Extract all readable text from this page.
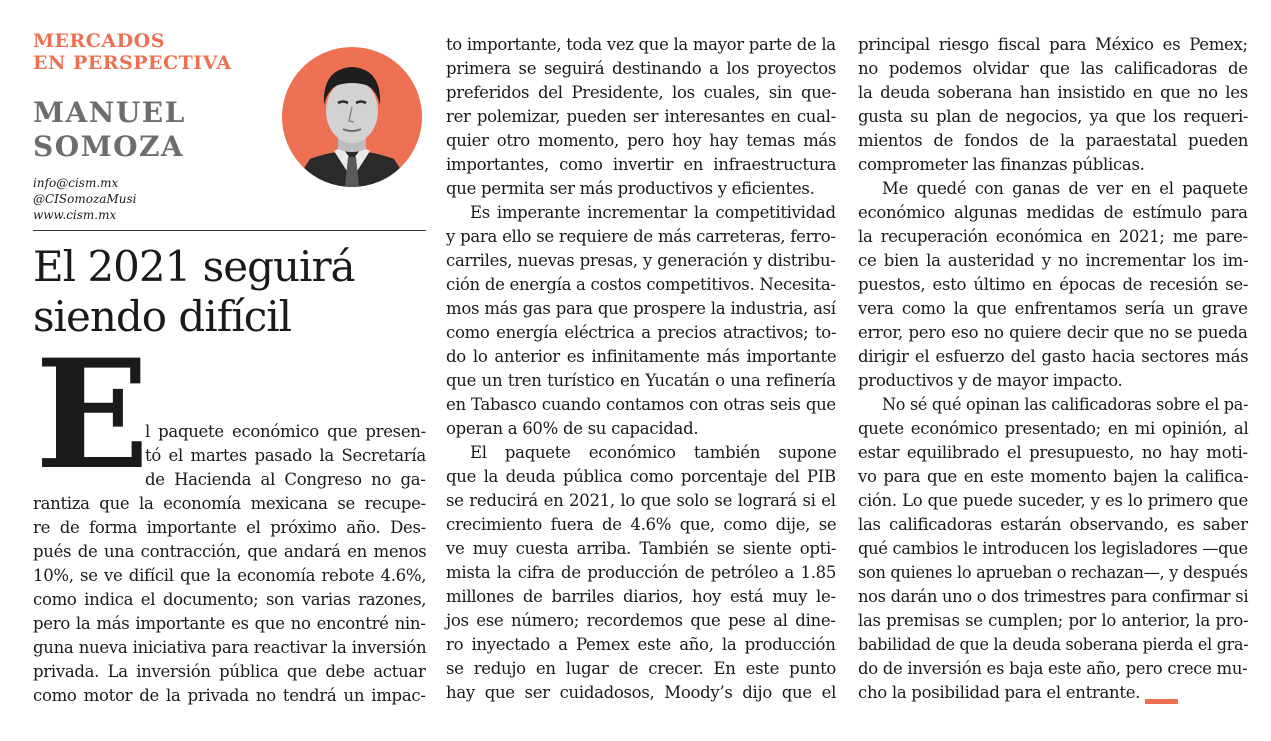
MERCADOS
EN PERSPECTIVA
MANUEL
SOMOZA
info@cism.mx
@CISomozaMusi
www.cism.mx
El 2021 seguirá
siendo difícil
E
l paquete económico que presen-
tó el martes pasado la Secretaría
de Hacienda al Congreso no ga-
rantiza que la economía mexicana se recupe-
re de forma importante el próximo año. Des-
pués de una contracción, que andará en menos
10%, se ve difícil que la economía rebote 4.6%,
como indica el documento; son varias razones,
pero la más importante es que no encontré nin-
guna nueva iniciativa para reactivar la inversión
privada. La inversión pública que debe actuar
como motor de la privada no tendrá un impac-
to importante, toda vez que la mayor parte de la
primera se seguirá destinando a los proyectos
preferidos del Presidente, los cuales, sin que-
rer polemizar, pueden ser interesantes en cual-
quier otro momento, pero hoy hay temas más
importantes, como invertir en infraestructura
que permita ser más productivos y eficientes.
Es imperante incrementar la competitividad
y para ello se requiere de más carreteras, ferro-
carriles, nuevas presas, y generación y distribu-
ción de energía a costos competitivos. Necesita-
mos más gas para que prospere la industria, así
como energía eléctrica a precios atractivos; to-
do lo anterior es infinitamente más importante
que un tren turístico en Yucatán o una refinería
en Tabasco cuando contamos con otras seis que
operan a 60% de su capacidad.
El paquete económico también supone
que la deuda pública como porcentaje del PIB
se reducirá en 2021, lo que solo se logrará si el
crecimiento fuera de 4.6% que, como dije, se
ve muy cuesta arriba. También se siente opti-
mista la cifra de producción de petróleo a 1.85
millones de barriles diarios, hoy está muy le-
jos ese número; recordemos que pese al dine-
ro inyectado a Pemex este año, la producción
se redujo en lugar de crecer. En este punto
hay que ser cuidadosos, Moody’s dijo que el
principal riesgo fiscal para México es Pemex;
no podemos olvidar que las calificadoras de
la deuda soberana han insistido en que no les
gusta su plan de negocios, ya que los requeri-
mientos de fondos de la paraestatal pueden
comprometer las finanzas públicas.
Me quedé con ganas de ver en el paquete
económico algunas medidas de estímulo para
la recuperación económica en 2021; me pare-
ce bien la austeridad y no incrementar los im-
puestos, esto último en épocas de recesión se-
vera como la que enfrentamos sería un grave
error, pero eso no quiere decir que no se pueda
dirigir el esfuerzo del gasto hacia sectores más
productivos y de mayor impacto.
No sé qué opinan las calificadoras sobre el pa-
quete económico presentado; en mi opinión, al
estar equilibrado el presupuesto, no hay moti-
vo para que en este momento bajen la califica-
ción. Lo que puede suceder, y es lo primero que
las calificadoras estarán observando, es saber
qué cambios le introducen los legisladores —que
son quienes lo aprueban o rechazan—, y después
nos darán uno o dos trimestres para confirmar si
las premisas se cumplen; por lo anterior, la pro-
babilidad de que la deuda soberana pierda el gra-
do de inversión es baja este año, pero crece mu-
cho la posibilidad para el entrante.
